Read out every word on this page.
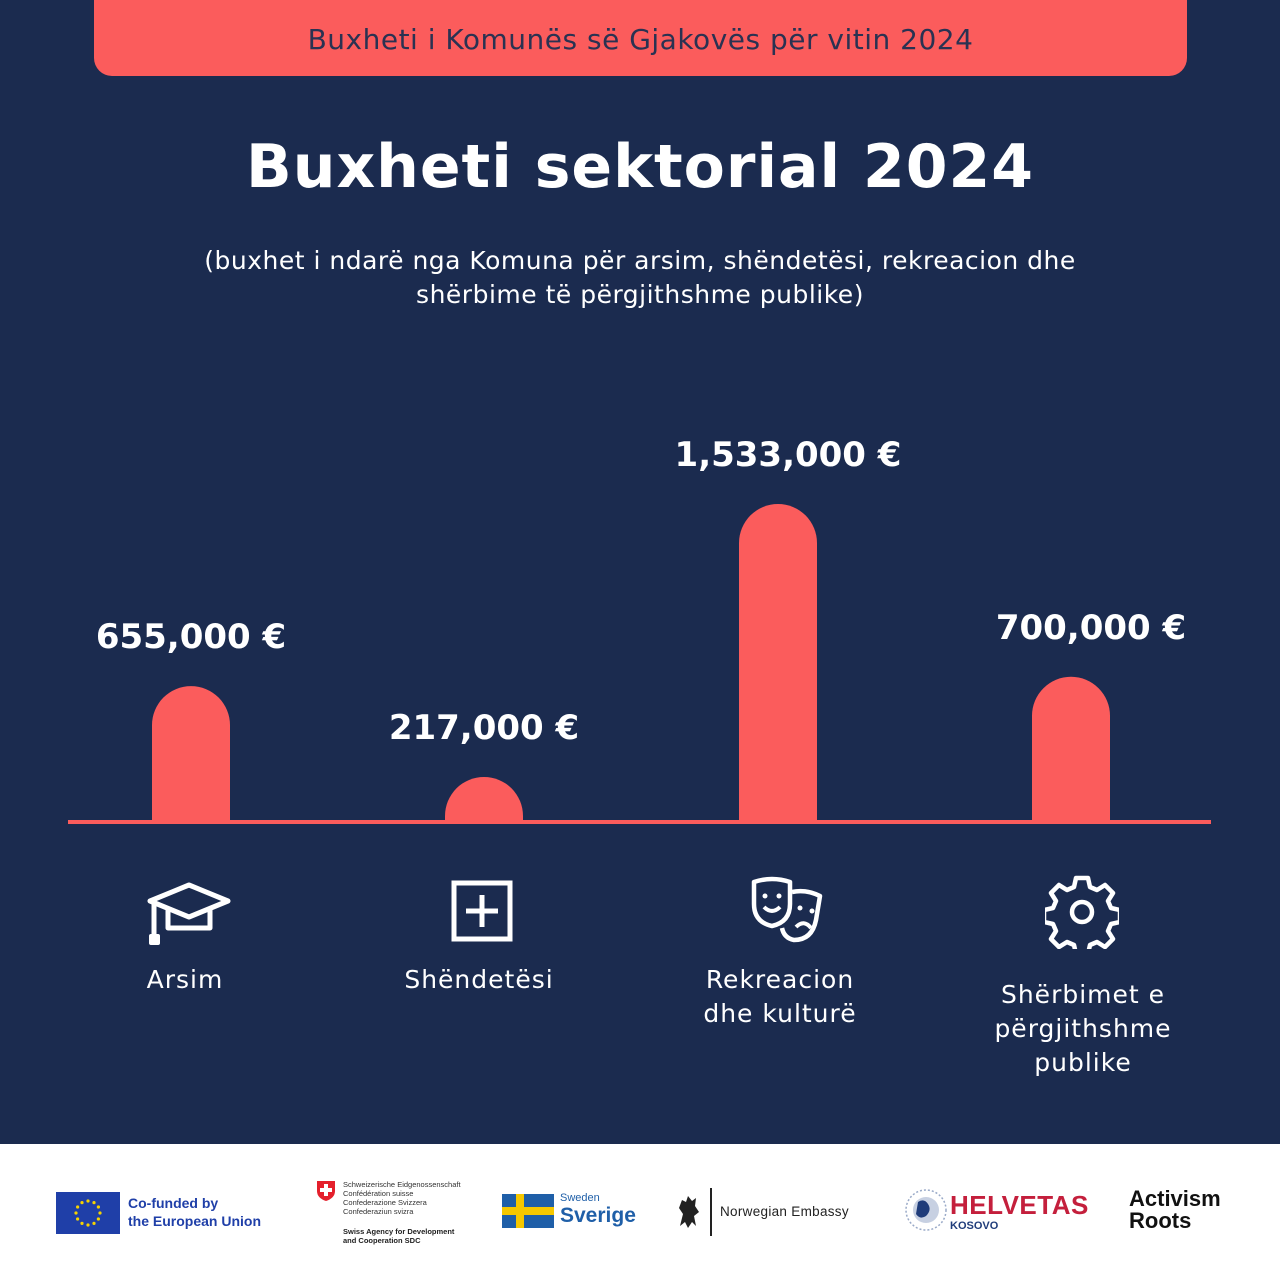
Buxheti i Komunës së Gjakovës për vitin 2024
Buxheti sektorial 2024
(buxhet i ndarë nga Komuna për arsim, shëndetësi, rekreacion dhe shërbime të përgjithshme publike)
655,000 €
217,000 €
1,533,000 €
700,000 €
Arsim	Shëndetësi	Rekreacion
dhe kulturë
Shërbimet e
përgjithshme
publike
Co-funded by
the European Union
Schweizerische Eidgenossenschaft
Confédération suisse
Confederazione Svizzera
Confederaziun svizra
Swiss Agency for Development
and Cooperation SDC
Sweden
Sverige	Norwegian Embassy	HELVETAS
KOSOVO
Activism
Roots
